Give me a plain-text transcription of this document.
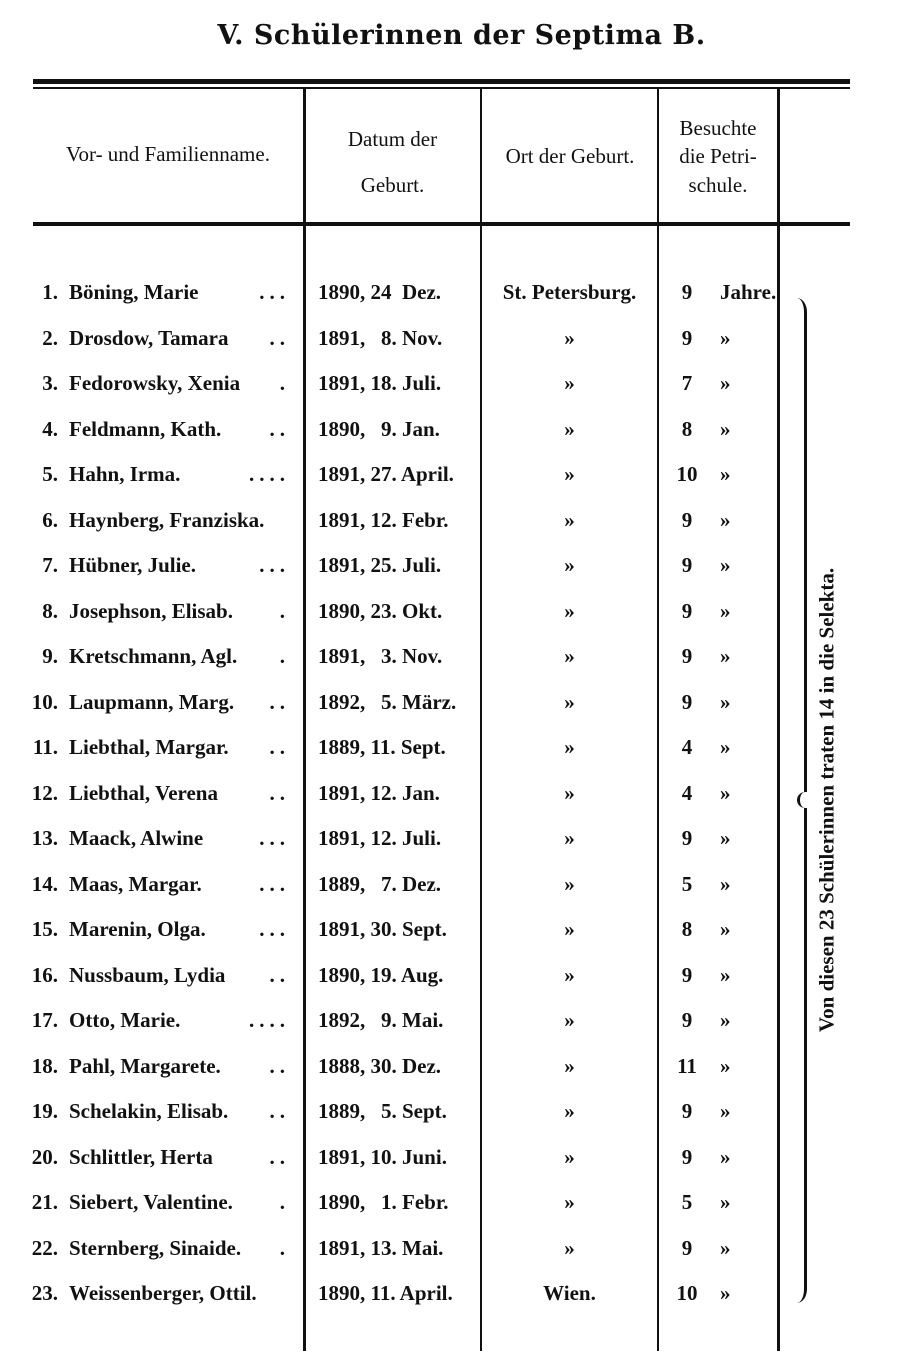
V. Schülerinnen der Septima B.
Vor- und Familienname.
Datum der
Geburt.
Ort der Geburt.
Besuchte
die Petri-
schule.
1. Böning, Marie	... 1890, 24  Dez.	St. Petersburg.	9	Jahre.
2. Drosdow, Tamara	.. 1891,   8. Nov.	»	9	»
3. Fedorowsky, Xenia	. 1891, 18. Juli.	»	7	»
4. Feldmann, Kath.	.. 1890,   9. Jan.	»	8	»
5. Hahn, Irma.	.... 1891, 27. April.	»	10	»
6. Haynberg, Franziska.	1891, 12. Febr.	»	9	»
7. Hübner, Julie.	... 1891, 25. Juli.	»	9	»
8. Josephson, Elisab.	. 1890, 23. Okt.	»	9	»
9. Kretschmann, Agl.	. 1891,   3. Nov.	»	9	»
10. Laupmann, Marg.	.. 1892,   5. März.	»	9	»
11. Liebthal, Margar.	.. 1889, 11. Sept.	»	4	»
12. Liebthal, Verena	.. 1891, 12. Jan.	»	4	»
13. Maack, Alwine	... 1891, 12. Juli.	»	9	»
14. Maas, Margar.	... 1889,   7. Dez.	»	5	»
15. Marenin, Olga.	... 1891, 30. Sept.	»	8	»
16. Nussbaum, Lydia	.. 1890, 19. Aug.	»	9	»
17. Otto, Marie.	.... 1892,   9. Mai.	»	9	»
18. Pahl, Margarete.	.. 1888, 30. Dez.	»	11	»
19. Schelakin, Elisab.	.. 1889,   5. Sept.	»	9	»
20. Schlittler, Herta	.. 1891, 10. Juni.	»	9	»
21. Siebert, Valentine.	. 1890,   1. Febr.	»	5	»
22. Sternberg, Sinaide.	. 1891, 13. Mai.	»	9	»
23. Weissenberger, Ottil.	1890, 11. April.	Wien.	10	»
Von diesen 23 Schülerinnen traten 14 in die Selekta.
